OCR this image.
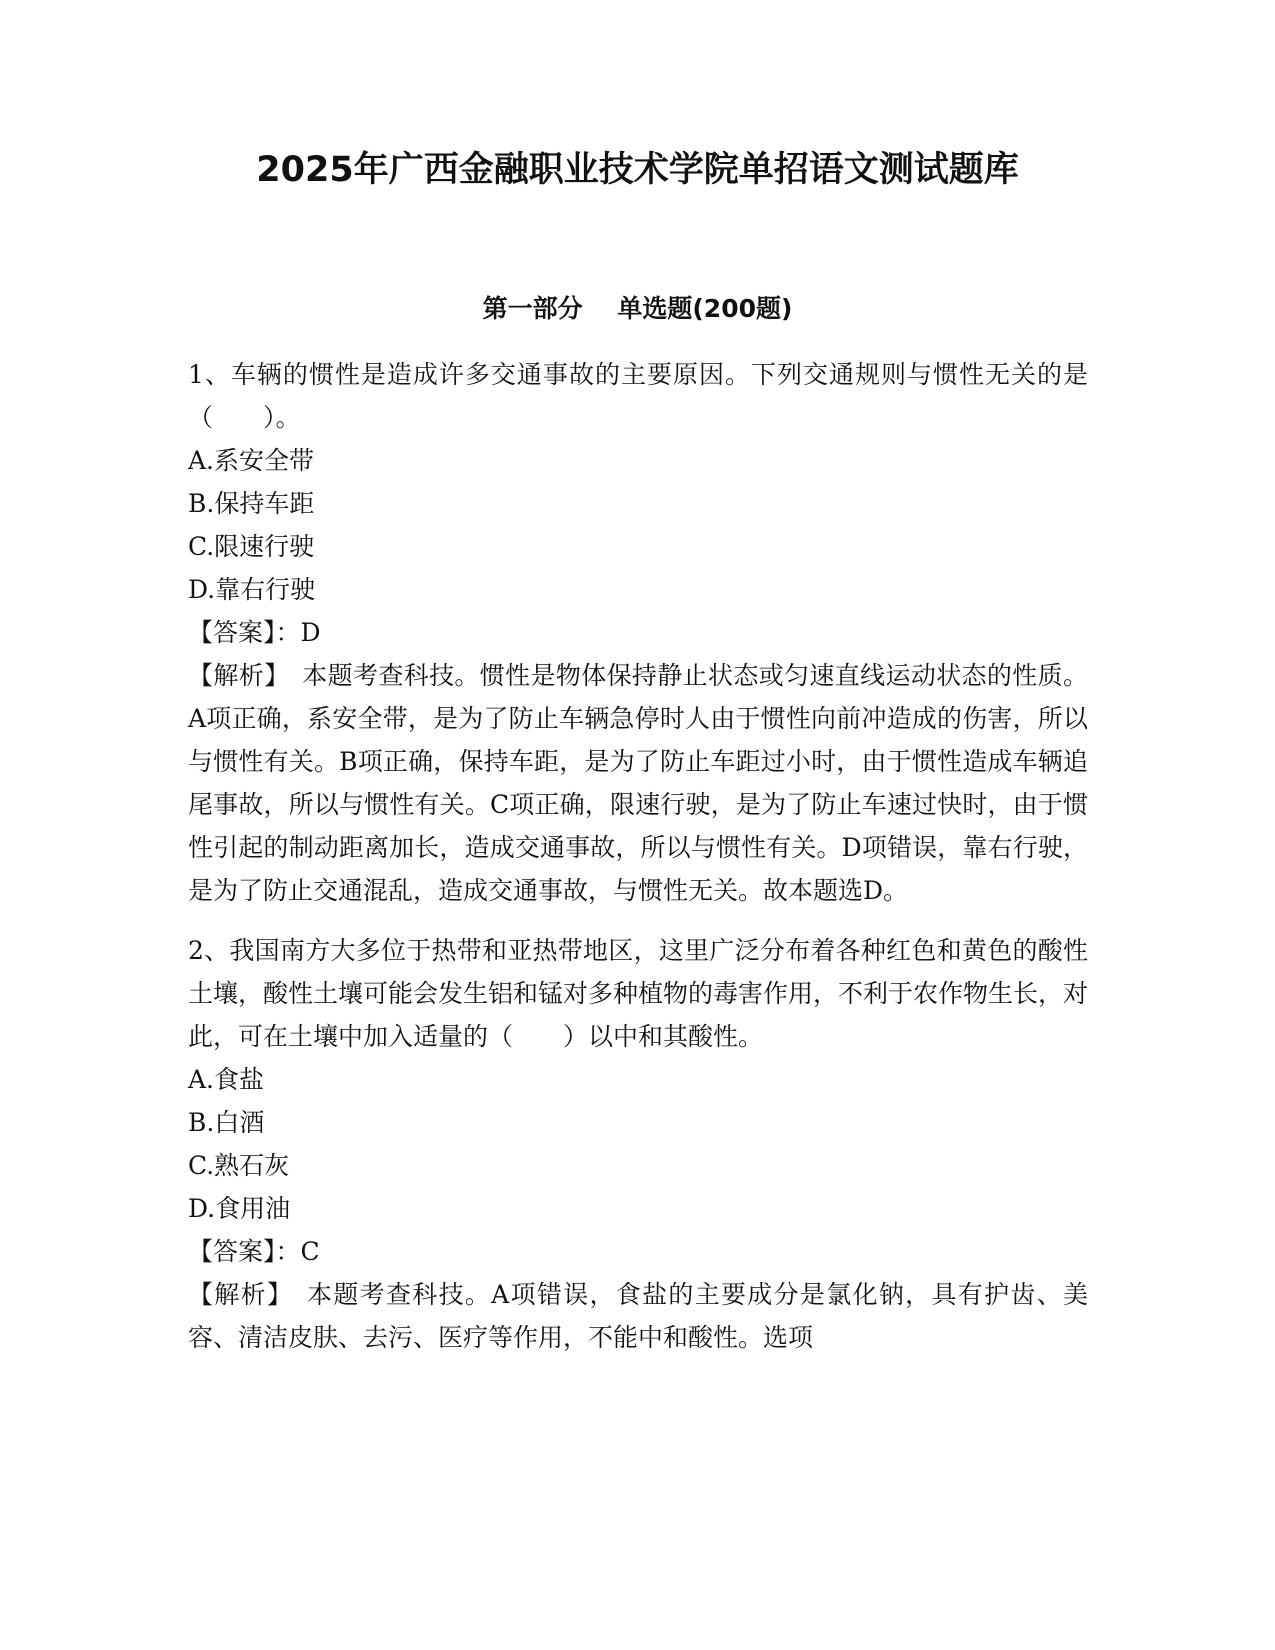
2025年广西金融职业技术学院单招语文测试题库
第一部分    单选题(200题)

1、车辆的惯性是造成许多交通事故的主要原因。下列交通规则与惯性无关的是（　　）。

A.系安全带

B.保持车距

C.限速行驶

D.靠右行驶

【答案】：D

【解析】　本题考查科技。惯性是物体保持静止状态或匀速直线运动状态的性质。A项正确，系安全带，是为了防止车辆急停时人由于惯性向前冲造成的伤害，所以与惯性有关。B项正确，保持车距，是为了防止车距过小时，由于惯性造成车辆追尾事故，所以与惯性有关。C项正确，限速行驶，是为了防止车速过快时，由于惯性引起的制动距离加长，造成交通事故，所以与惯性有关。D项错误，靠右行驶，是为了防止交通混乱，造成交通事故，与惯性无关。故本题选D。

2、我国南方大多位于热带和亚热带地区，这里广泛分布着各种红色和黄色的酸性土壤，酸性土壤可能会发生铝和锰对多种植物的毒害作用，不利于农作物生长，对此，可在土壤中加入适量的（　　）以中和其酸性。

A.食盐

B.白酒

C.熟石灰

D.食用油

【答案】：C

【解析】　本题考查科技。A项错误，食盐的主要成分是氯化钠，具有护齿、美容、清洁皮肤、去污、医疗等作用，不能中和酸性。选项
